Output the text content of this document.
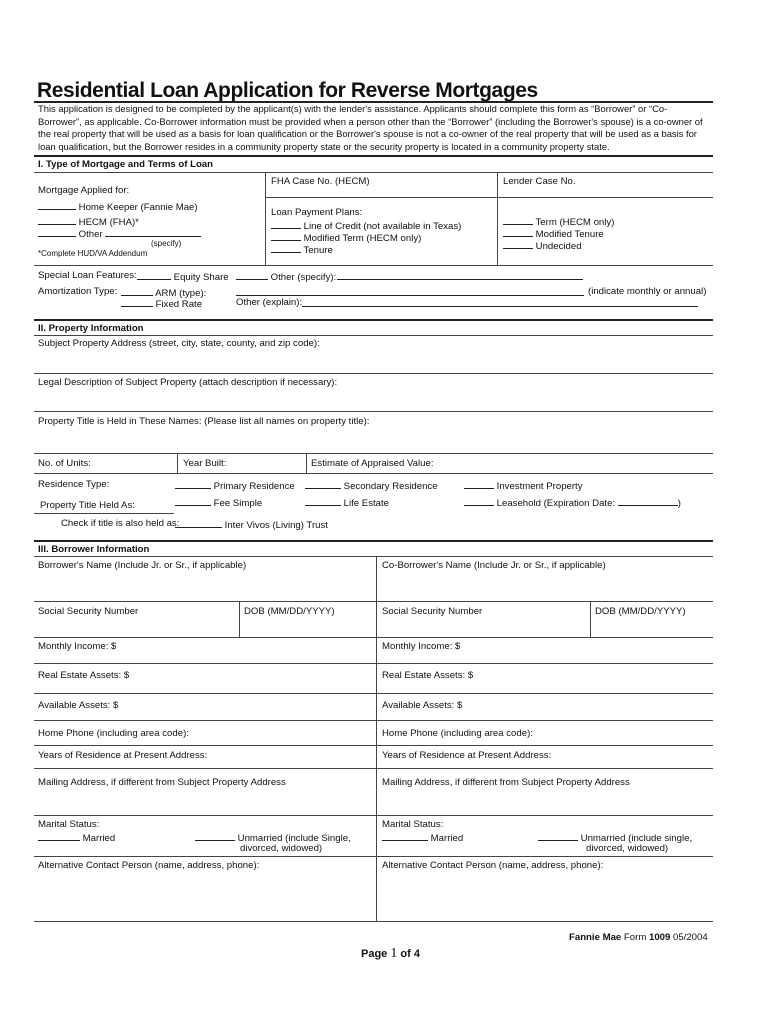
Residential Loan Application for Reverse Mortgages
This application is designed to be completed by the applicant(s) with the lender's assistance. Applicants should complete this form as “Borrower” or “Co-Borrower”, as applicable. Co-Borrower information must be provided when a person other than the “Borrower” (including the Borrower's spouse) is a co-owner of the real property that will be used as a basis for loan qualification or the Borrower's spouse is not a co-owner of the real property that will be used as a basis for loan qualification, but the Borrower resides in a community property state or the security property is located in a community property state.
I. Type of Mortgage and Terms of Loan
Mortgage Applied for:
Home Keeper (Fannie Mae)
HECM (FHA)*
Other
(specify)
*Complete HUD/VA Addendum
FHA Case No. (HECM)	Lender Case No.
Loan Payment Plans:
Line of Credit (not available in Texas)
Modified Term (HECM only)
Tenure
Term (HECM only)
Modified Tenure
Undecided
Special Loan Features:	Equity Share	Other (specify):
Amortization Type:	ARM (type):	(indicate monthly or annual)
Fixed Rate	Other (explain):
II. Property Information
Subject Property Address (street, city, state, county, and zip code):
Legal Description of Subject Property (attach description if necessary):
Property Title is Held in These Names: (Please list all names on property title):
No. of Units:	Year Built:	Estimate of Appraised Value:
Residence Type:	Primary Residence	Secondary Residence	Investment Property
Property Title Held As:	Fee Simple	Life Estate	Leasehold (Expiration Date:	)
Check if title is also held as:	Inter Vivos (Living) Trust
III. Borrower Information
Borrower's Name (Include Jr. or Sr., if applicable)	Co-Borrower's Name (Include Jr. or Sr., if applicable)
Social Security Number	DOB (MM/DD/YYYY)	Social Security Number	DOB (MM/DD/YYYY)
Monthly Income: $	Monthly Income: $
Real Estate Assets: $	Real Estate Assets: $
Available Assets: $	Available Assets: $
Home Phone (including area code):	Home Phone (including area code):
Years of Residence at Present Address:	Years of Residence at Present Address:
Mailing Address, if different from Subject Property Address	Mailing Address, if different from Subject Property Address
Marital Status:
Married	Unmarried (include Single,
divorced, widowed)
Marital Status:
Married	Unmarried (include single,
divorced, widowed)
Alternative Contact Person (name, address, phone):	Alternative Contact Person (name, address, phone):
Fannie Mae Form 1009 05/2004
Page 1 of 4
